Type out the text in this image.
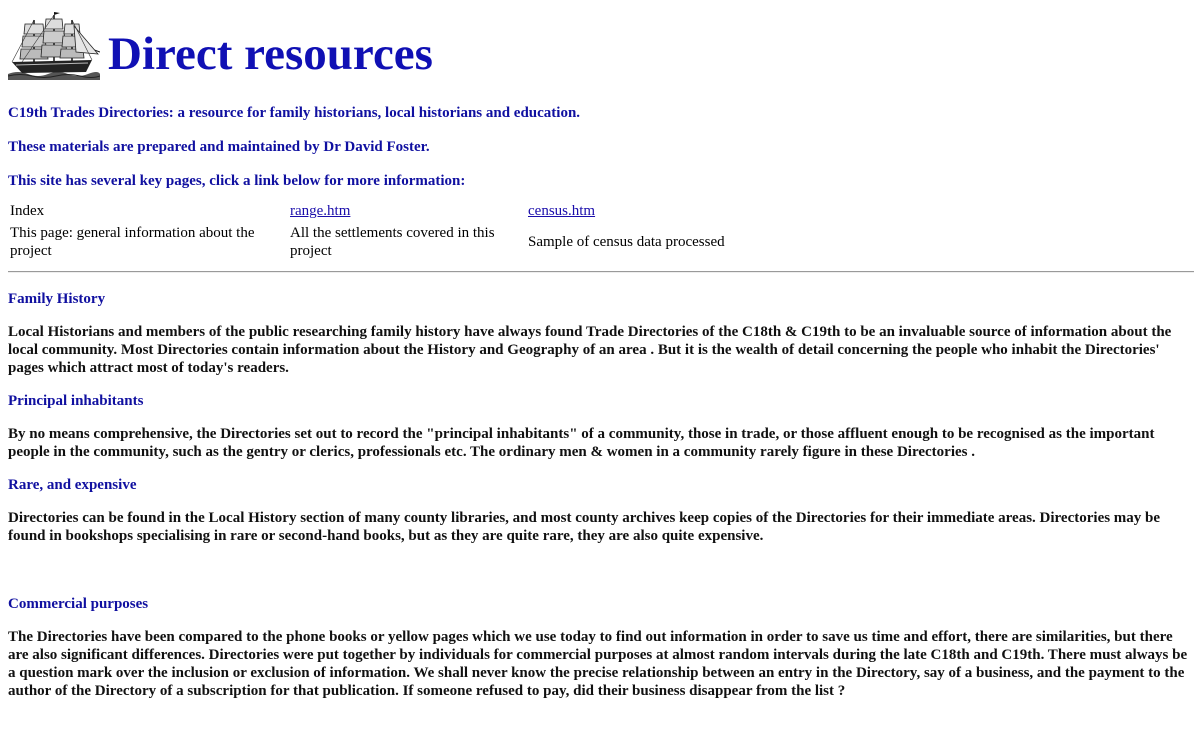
Direct resources

C19th Trades Directories: a resource for family historians, local historians and education.

These materials are prepared and maintained by Dr David Foster.

This site has several key pages, click a link below for more information:

Index	range.htm	census.htm
This page: general information about the project	All the settlements covered in this project	Sample of census data processed

Family History

Local Historians and members of the public researching family history have always found Trade Directories of the C18th & C19th to be an invaluable source of information about the local community. Most Directories contain information about the History and Geography of an area . But it is the wealth of detail concerning the people who inhabit the Directories' pages which attract most of today's readers.

Principal inhabitants

By no means comprehensive, the Directories set out to record the "principal inhabitants" of a community, those in trade, or those affluent enough to be recognised as the important people in the community, such as the gentry or clerics, professionals etc. The ordinary men & women in a community rarely figure in these Directories .

Rare, and expensive

Directories can be found in the Local History section of many county libraries, and most county archives keep copies of the Directories for their immediate areas. Directories may be found in bookshops specialising in rare or second-hand books, but as they are quite rare, they are also quite expensive.

Commercial purposes

The Directories have been compared to the phone books or yellow pages which we use today to find out information in order to save us time and effort, there are similarities, but there are also significant differences. Directories were put together by individuals for commercial purposes at almost random intervals during the late C18th and C19th. There must always be a question mark over the inclusion or exclusion of information. We shall never know the precise relationship between an entry in the Directory, say of a business, and the payment to the author of the Directory of a subscription for that publication. If someone refused to pay, did their business disappear from the list ?
